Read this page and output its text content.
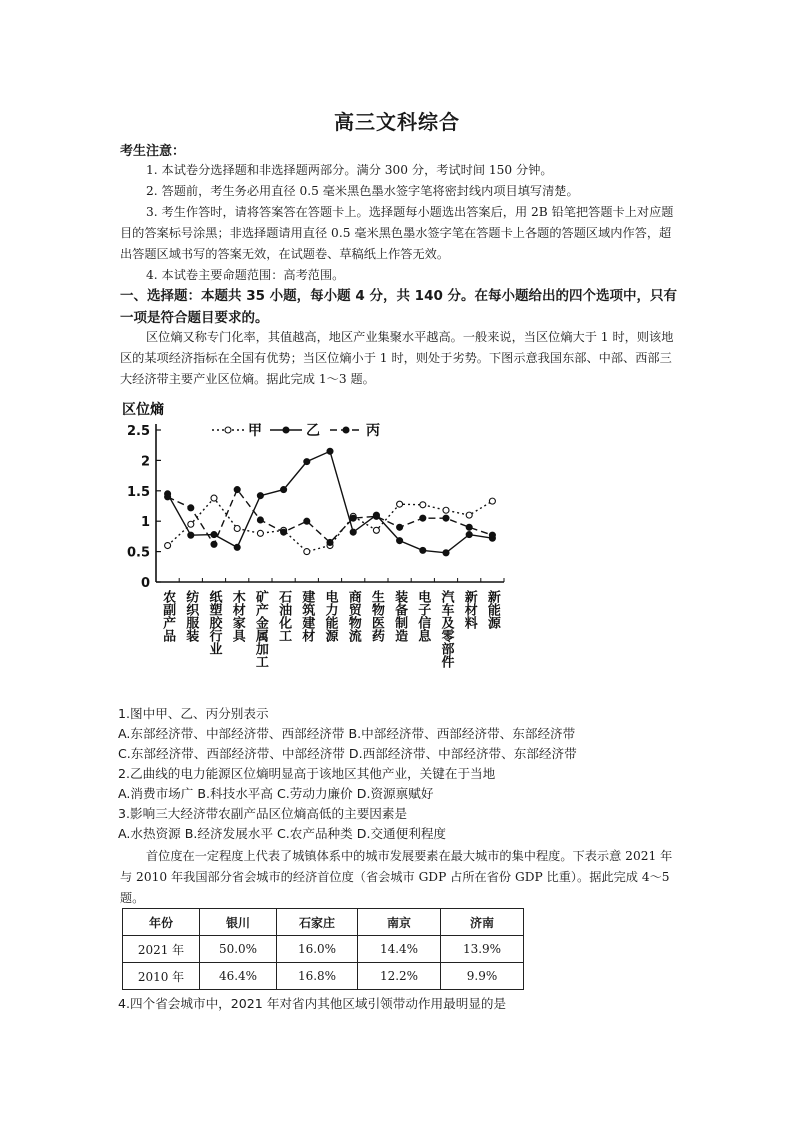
高三文科综合
考生注意：

1. 本试卷分选择题和非选择题两部分。满分 300 分，考试时间 150 分钟。

2. 答题前，考生务必用直径 0.5 毫米黑色墨水签字笔将密封线内项目填写清楚。

3. 考生作答时，请将答案答在答题卡上。选择题每小题选出答案后，用 2B 铅笔把答题卡上对应题目的答案标号涂黑；非选择题请用直径 0.5 毫米黑色墨水签字笔在答题卡上各题的答题区域内作答，超出答题区域书写的答案无效，在试题卷、草稿纸上作答无效。

4. 本试卷主要命题范围：高考范围。

一、选择题：本题共 35 小题，每小题 4 分，共 140 分。在每小题给出的四个选项中，只有一项是符合题目要求的。

区位熵又称专门化率，其值越高，地区产业集聚水平越高。一般来说，当区位熵大于 1 时，则该地区的某项经济指标在全国有优势；当区位熵小于 1 时，则处于劣势。下图示意我国东部、中部、西部三大经济带主要产业区位熵。据此完成 1～3 题。

区位熵
0
0.5
1
1.5
2
2.5
农副产品 纺织服装 纸塑胶行业 木材家具 矿产金属加工 石油化工 建筑建材 电力能源 商贸物流 生物医药 装备制造 电子信息 汽车及零部件 新材料 新能源
甲	乙	丙
1.图中甲、乙、丙分别表示
A.东部经济带、中部经济带、西部经济带 B.中部经济带、西部经济带、东部经济带
C.东部经济带、西部经济带、中部经济带 D.西部经济带、中部经济带、东部经济带
2.乙曲线的电力能源区位熵明显高于该地区其他产业，关键在于当地
A.消费市场广 B.科技水平高 C.劳动力廉价 D.资源禀赋好
3.影响三大经济带农副产品区位熵高低的主要因素是
A.水热资源 B.经济发展水平 C.农产品种类 D.交通便利程度

首位度在一定程度上代表了城镇体系中的城市发展要素在最大城市的集中程度。下表示意 2021 年与 2010 年我国部分省会城市的经济首位度（省会城市 GDP 占所在省份 GDP 比重）。据此完成 4～5 题。

年份	银川	石家庄	南京	济南
2021 年	50.0%	16.0%	14.4%	13.9%
2010 年	46.4%	16.8%	12.2%	9.9%
4.四个省会城市中，2021 年对省内其他区域引领带动作用最明显的是
